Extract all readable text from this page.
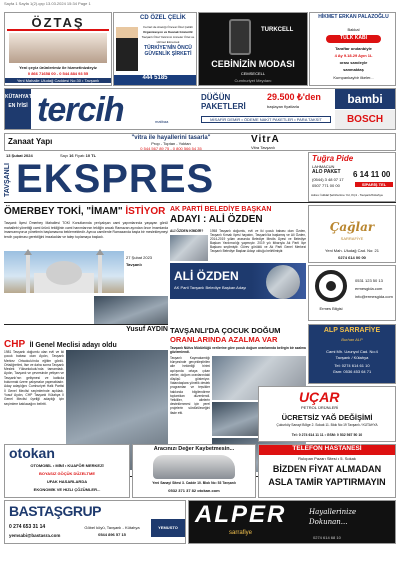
Sayfa 1 Sayfa 1(2).qxp 13.03.2024 15:34 Page 1
ÖZTAŞ
Yeni çeyiz ürünlerimiz ile hizmetinizdeyiz
0 866 71658 00 - 0 544 884 93 55
Yeni Mahalle Uludağ Caddesi No:30 • Tavşanlı
CD ÖZEL ÇELİK
Ferrari de Aracığı Öncesi Özel Çelikli
Organizasyon ve Kasnak Gösterilir
Tavşanlı Özel Yatırımcı Anneler Özel ve Hizmet Etmemek
TÜRKİYE'NİN ÖNCÜ GÜVENLİK ŞİRKETİ
444 5185
TURKCELL
CEBİNİZİN MODASI
CEMSECELL
Cumhuriyet Meydanı
HİKMET ERKAN PALAZOĞLU
Bakkal
TÜLK KABI
Taraftar ondanbiyle
4 Ay 9.18.29 Ayın 1L
orası sandeyle
sanmaktaş
Kumpankaybir ilkeler...
KÜTAHYA'NIN EN İYİSİ tercih	matbaa
DÜĞÜN PAKETLERİ
29.500 ₺'den
başlayan fiyatlarla
MİSAFİR DEMİR • ÖDEME NAKİT PAKETLER • PARA TAKSİT
bambi
BOSCH
Zanaat Yapı	"vitra ile hayallerini tasarla"
Prop - Toptan - Yoktan
0 544 567 89 75 - 0 800 566 54 35
VitrA
Vitra Tavşanlı
13 Şubat 2024	Sayı 16 Fiyatı 10 TL
TAVŞANLI EKSPRES	Tuğra Pide
LAHMACUN
ALO PAKET
(0544) 3 48 07 17
0507 771 00 00
6 14 11 00
SİPARİŞ TEL
Adres: İstiklal Şehirlerime Yol, KÇ1 - Tavşanlı/Kütahya
ÖMERBEY TOKİ, "İMAM" İSTİYOR
Tavşanlı İlçesi Ömerbey Mahallesi TOKİ Konutlarında yer/çalışan cami yapımlarında yaşayan gönül mahallebi yönettiği cami ürünü tekliğinin cami hanımlarının tekliğin ancak Ramazan ayından önce İmamlarda imamıamıyoruz yönetimin başlamasına beklemektedir. Ayrıca camilerde Ramazanda başta bir meslekleşmeyi tercih yapılması gerektiğini imzaladılar ve talep toplamaya başladı.
27 Şubat 2023
Tavşanlı
AK PARTİ BELEDİYE BAŞKAN
ADAYI : ALİ ÖZDEN
ALİ ÖZDEN KİMDİR?	1958 Tavşanlı doğumlu, evli ve iki çocuk babası olan Özden, Tavşanlı Kırsalı ilçesi hayatını, Tavşanlı'da başlamış ve Ali Özden, 2014-2019 yılları arasında Belediye Meclis Üyesi ve Belediye Başkan Yardımcılığı yapmıştır. 2019 yılı itibarıyla Ak Parti İlçe Başkanı seçilmiştir. Görev görüldü ve Ak Parti Genel Merkezi Tavşanlı Belediye Başkan Adayı olduğu belirtilmiştir.
ALİ ÖZDEN
AK Parti Tavşanlı Belediye Başkan Adayı
Çağlar
SARRAFİYE
Yeni Mah. Uludağ Cad. No: 21
0274 614 00 00
Ermes Bilgisi
0531 123 50 13
ermesgida.com
info@ermesgida.com
Yusuf AYDIN
CHP İl Genel Meclisi adayı oldu
1981 Tavşanlı doğumlu olan evli ve iki çocuk babası olan Aydın, Tavşanlı Merkez Ortaokulu'nda eğitim gördü. Ortaöğretimi, lise ve daha sonra Tavşanlı Meslek Yüksekokulu'nda tamamladı. Aydın, Tavşanlı ve çevresinde yetişen ve Tavşanlı'nın gelişmesi ve katkıda bulunmak üzere çalışmalar yapmaktadır. Aday adaylığını Cumhuriyet Halk Partisi İl Genel Meclisi seçimlerinde açıkladı. Yusuf Aydın, CHP Tavşanlı Kütahya İl Genel Meclisi üyeliği adaylığı için seçimlere katılacağını belirtti.
TAVŞANLI'DA ÇOCUK DOĞUM
ORANLARINDA AZALMA VAR
Tavşanlı Nüfus Müdürlüğü verilerine göre çocuk doğum oranlarında belirgin bir azalma gözlemlendi.
Tavşanlı Kaymakamlığı bünyesinde gerçekleştirilen aile hekimliği birimi açılışında ortaya çıkan veriler, doğum oranlarındaki düşüşü gösteriyor. Vatandaşlara yönelik destek programları ve teşvikler hakkında bilgilendirme toplantıları düzenlendi. Yetkililer, ailelerin desteklenmesi için yerel projelerin sürdürüleceğini ifade etti.
ALP SARRAFİYE
Burhan ALP
Cami Mh. Uzunyol Cad. No:4
Tavşanlı / Kütahya
Tel: 0274 614 61 10
Gsm: 0536 453 64 71
UÇAR
PETROL ÜRÜNLERİ
ÜCRETSİZ YAĞ DEĞİŞİMİ
Çukurköy Sanayi Bölge 2. Sokak 11. Blok No:19 Tavşanlı / KÜTAHYA
Tel: 0 274 614 11 11 • GSM: 0 532 567 50 10
otokan
OTOMOBİL • MİNİ • KUAFÖR MERKEZİ
BOYASIZ GÖÇÜK DÜZELTME
UFAK HASARLARDA
EKONOMİK VE HIZLI ÇÖZÜMLER...
Aracınızı Değer Kaybetmesin...
Yeni Sanayi Sitesi 3. Cadde 10. Blok No: 53 Tavşanlı
0532 371 37 82 otokan.com
TELEFON HASTANESİ
Rulopan Pazarı Sitesi • 5. Sokak
BİZDEN FİYAT ALMADAN
ASLA TAMİR YAPTIRMAYIN
BASTAŞGRUP
0 274 653 31 14
yemsabi@bastasra.com
Göbel köyü, Tavşanlı - Kütahya
0544 896 57 15
YEMUSTO ALPER
sarrafiye
Hayallerinize Dokunan...
0274 614 68 10
